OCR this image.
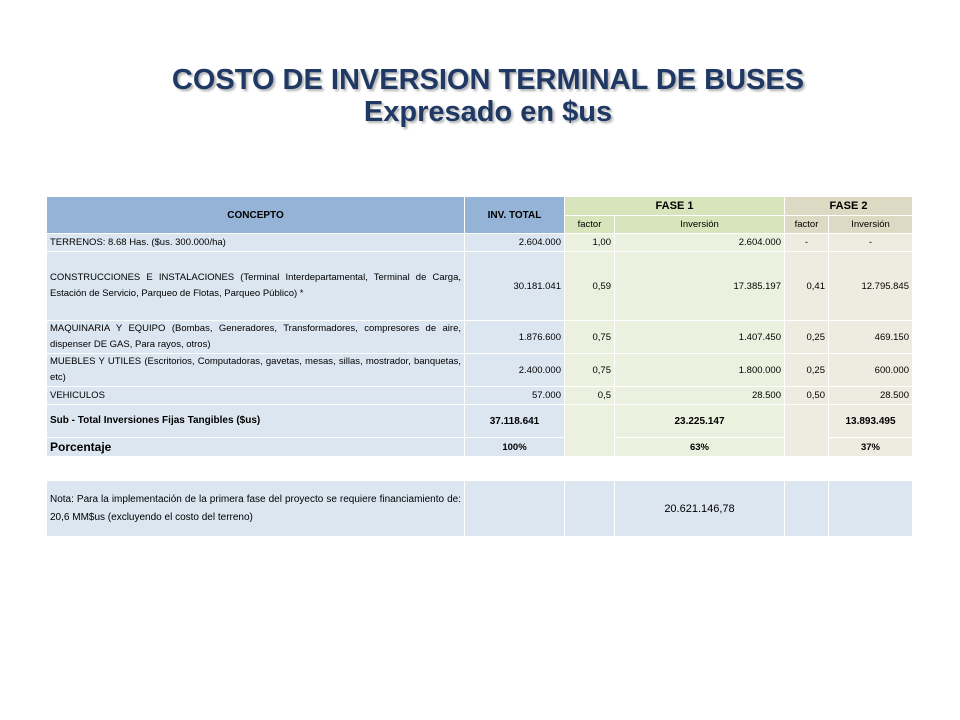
COSTO DE INVERSION TERMINAL DE BUSES
Expresado en $us
CONCEPTO	INV. TOTAL	FASE 1		FASE 2	
		factor	Inversión	factor	Inversión
TERRENOS: 8.68 Has. ($us. 300.000/ha)	2.604.000	1,00	2.604.000	-	-
CONSTRUCCIONES E INSTALACIONES (Terminal Interdepartamental, Terminal de Carga, Estación de Servicio, Parqueo de Flotas, Parqueo Público) *	30.181.041	0,59	17.385.197	0,41	12.795.845
MAQUINARIA Y EQUIPO (Bombas, Generadores, Transformadores, compresores de aire, dispenser DE GAS, Para rayos, otros)	1.876.600	0,75	1.407.450	0,25	469.150
MUEBLES Y UTILES (Escritorios, Computadoras, gavetas, mesas, sillas, mostrador, banquetas, etc)	2.400.000	0,75	1.800.000	0,25	600.000
VEHICULOS	57.000	0,5	28.500	0,50	28.500
Sub - Total Inversiones Fijas Tangibles ($us)	37.118.641		23.225.147		13.893.495
Porcentaje	100%		63%		37%
Nota: Para la implementación de la primera fase del proyecto se requiere financiamiento de: 20,6 MM$us (excluyendo el costo del terreno)			20.621.146,78		
